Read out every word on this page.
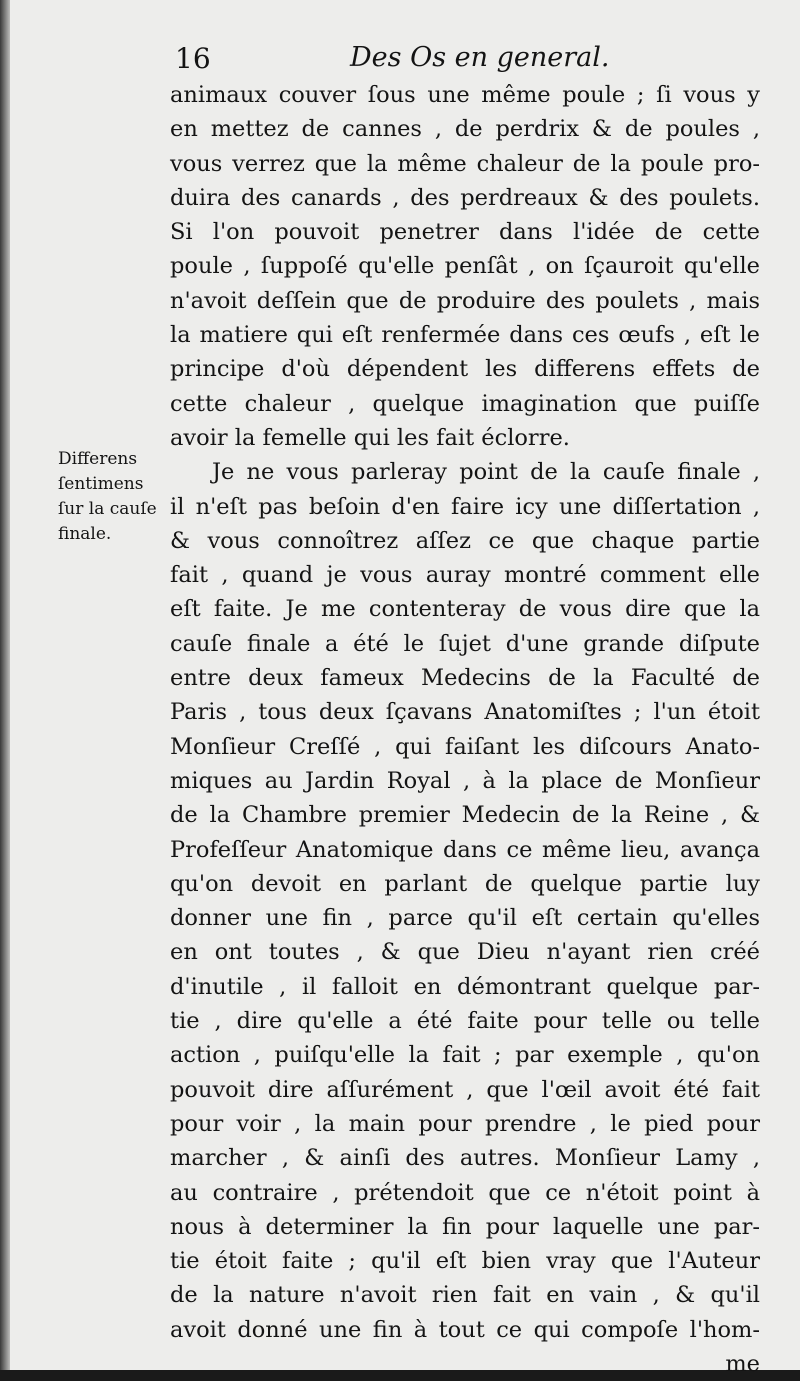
16	Des Os en general.
Differens
ſentimens
ſur la cauſe
finale.
animaux couver ſous une même poule ; ſi vous y
en mettez de cannes , de perdrix & de poules ,
vous verrez que la même chaleur de la poule pro-
duira des canards , des perdreaux & des poulets.
Si l'on pouvoit penetrer dans l'idée de cette
poule , ſuppoſé qu'elle penſât , on ſçauroit qu'elle
n'avoit deſſein que de produire des poulets , mais
la matiere qui eſt renfermée dans ces œufs , eſt le
principe d'où dépendent les differens effets de
cette chaleur , quelque imagination que puiſſe
avoir la femelle qui les fait éclorre.
Je ne vous parleray point de la cauſe finale ,
il n'eſt pas beſoin d'en faire icy une diſſertation ,
& vous connoîtrez aſſez ce que chaque partie
fait , quand je vous auray montré comment elle
eſt faite. Je me contenteray de vous dire que la
cauſe finale a été le ſujet d'une grande diſpute
entre deux fameux Medecins de la Faculté de
Paris , tous deux ſçavans Anatomiſtes ; l'un étoit
Monſieur Creſſé , qui faiſant les diſcours Anato-
miques au Jardin Royal , à la place de Monſieur
de la Chambre premier Medecin de la Reine , &
Profeſſeur Anatomique dans ce même lieu, avança
qu'on devoit en parlant de quelque partie luy
donner une fin , parce qu'il eſt certain qu'elles
en ont toutes , & que Dieu n'ayant rien créé
d'inutile , il falloit en démontrant quelque par-
tie , dire qu'elle a été faite pour telle ou telle
action , puiſqu'elle la fait ; par exemple , qu'on
pouvoit dire aſſurément , que l'œil avoit été fait
pour voir , la main pour prendre , le pied pour
marcher , & ainſi des autres. Monſieur Lamy ,
au contraire , prétendoit que ce n'étoit point à
nous à determiner la fin pour laquelle une par-
tie étoit faite ; qu'il eſt bien vray que l'Auteur
de la nature n'avoit rien fait en vain , & qu'il
avoit donné une fin à tout ce qui compoſe l'hom-
me
